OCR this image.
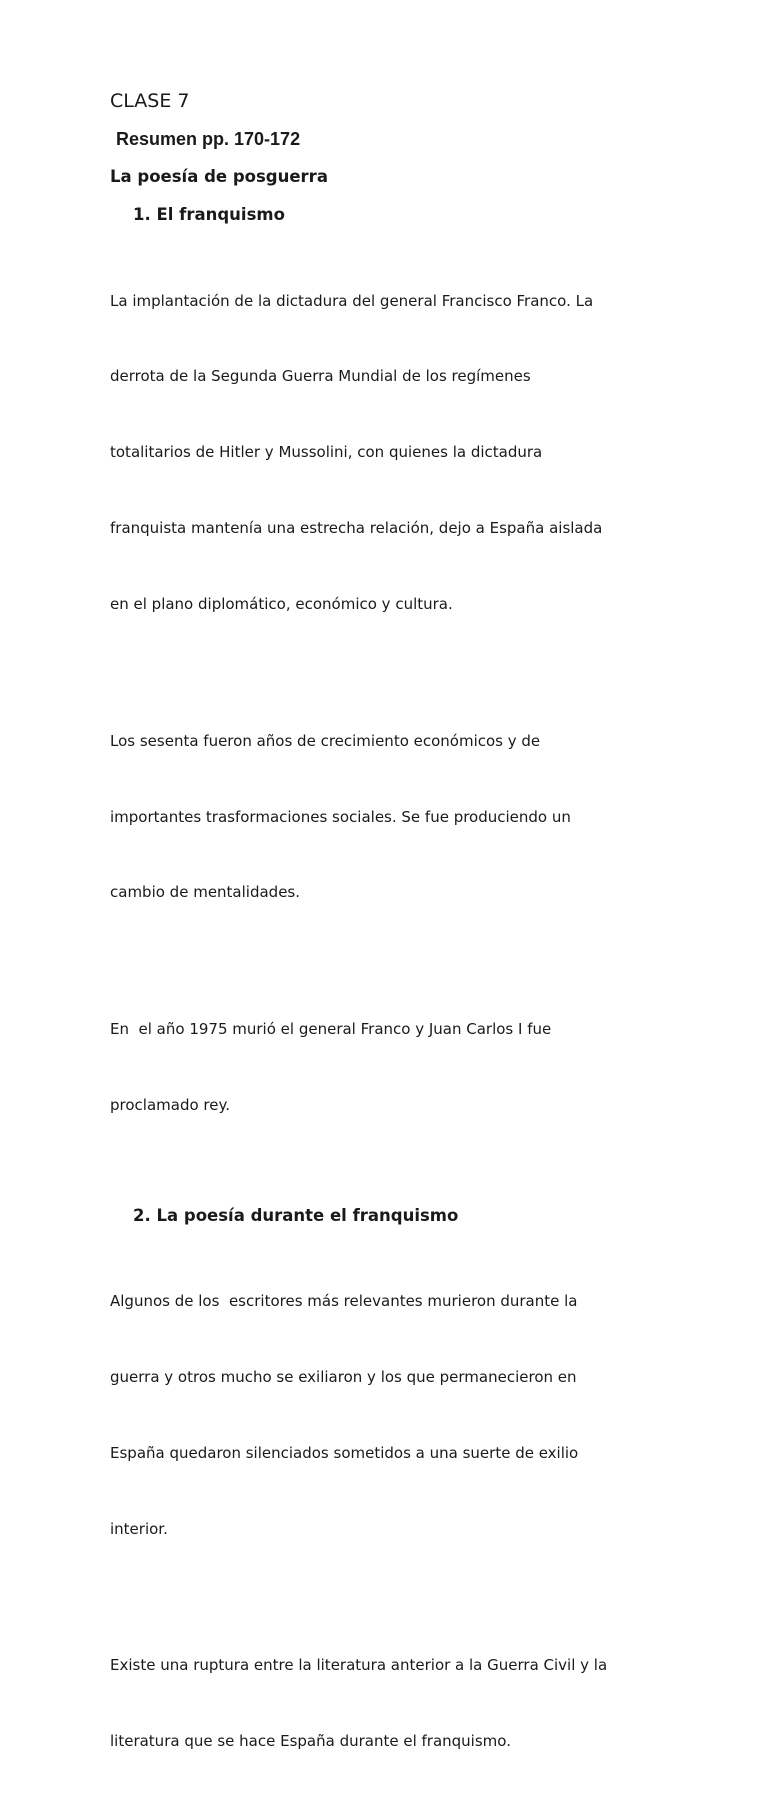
CLASE 7
Resumen pp. 170-172
La poesía de posguerra
1. El franquismo

La implantación de la dictadura del general Francisco Franco. La

derrota de la Segunda Guerra Mundial de los regímenes

totalitarios de Hitler y Mussolini, con quienes la dictadura

franquista mantenía una estrecha relación, dejo a España aislada

en el plano diplomático, económico y cultura.

Los sesenta fueron años de crecimiento económicos y de

importantes trasformaciones sociales. Se fue produciendo un

cambio de mentalidades.

En  el año 1975 murió el general Franco y Juan Carlos I fue

proclamado rey.

2. La poesía durante el franquismo

Algunos de los  escritores más relevantes murieron durante la

guerra y otros mucho se exiliaron y los que permanecieron en

España quedaron silenciados sometidos a una suerte de exilio

interior.

Existe una ruptura entre la literatura anterior a la Guerra Civil y la

literatura que se hace España durante el franquismo.
